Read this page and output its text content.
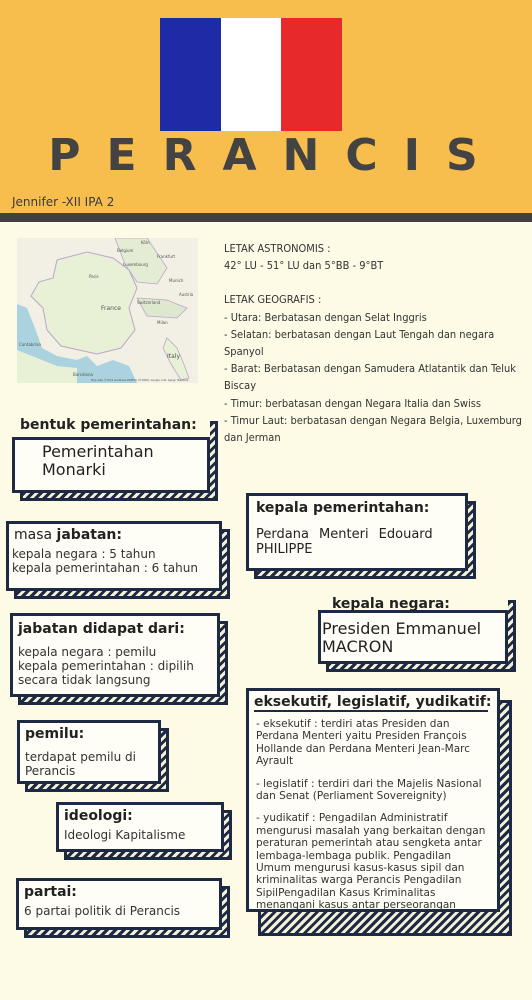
PERANCIS
Jennifer -XII IPA 2
France
Belgium
Köln
Luxembourg
Paris
Frankfurt
Switzerland
Milan
Austria
Italy
Barcelona
Cantabrian
Munich
Map data ©2019 GeoBasis-DE/BKG (©2009), Google, Inst. Geogr. Nacional

LETAK ASTRONOMIS :

42° LU - 51° LU dan 5°BB - 9°BT

LETAK GEOGRAFIS :

- Utara: Berbatasan dengan Selat Inggris

- Selatan: berbatasan dengan Laut Tengah dan negara Spanyol

- Barat: Berbatasan dengan Samudera Atlatantik dan Teluk Biscay

- Timur: berbatasan dengan Negara Italia dan Swiss

- Timur Laut: berbatasan dengan Negara Belgia, Luxemburg dan Jerman

bentuk pemerintahan:
Pemerintahan Monarki
kepala pemerintahan:
Perdana Menteri Edouard PHILIPPE
masa jabatan:
kepala negara : 5 tahun
kepala pemerintahan : 6 tahun
kepala negara:
Presiden Emmanuel MACRON
jabatan didapat dari:
kepala negara : pemilu
kepala pemerintahan : dipilih secara tidak langsung
eksekutif, legislatif, yudikatif:
- eksekutif : terdiri atas Presiden dan Perdana Menteri yaitu Presiden François Hollande dan Perdana Menteri Jean-Marc Ayrault
- legislatif : terdiri dari the Majelis Nasional dan Senat (Perliament Sovereignity)
- yudikatif : Pengadilan Administratif mengurusi masalah yang berkaitan dengan peraturan pemerintah atau sengketa antar lembaga-lembaga publik. Pengadilan Umum mengurusi kasus-kasus sipil dan kriminalitas warga Perancis Pengadilan SipilPengadilan Kasus Kriminalitas menangani kasus antar perseorangan
pemilu:
terdapat pemilu di Perancis
ideologi:
Ideologi Kapitalisme
partai:
6 partai politik di Perancis
